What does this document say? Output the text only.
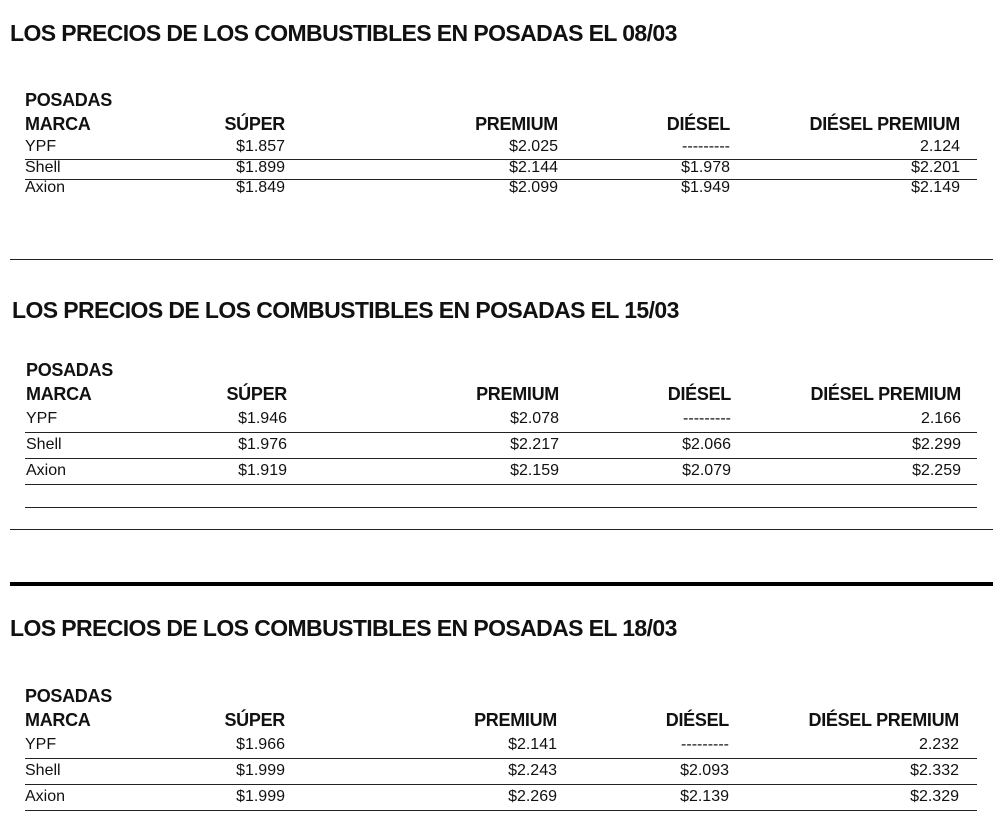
LOS PRECIOS DE LOS COMBUSTIBLES EN POSADAS EL 08/03
POSADAS
MARCA	SÚPER	PREMIUM	DIÉSEL	DIÉSEL PREMIUM
YPF	$1.857	$2.025	---------	2.124
Shell	$1.899	$2.144	$1.978	$2.201
Axion	$1.849	$2.099	$1.949	$2.149
LOS PRECIOS DE LOS COMBUSTIBLES EN POSADAS EL 15/03
POSADAS
MARCA	SÚPER	PREMIUM	DIÉSEL	DIÉSEL PREMIUM
YPF	$1.946	$2.078	---------	2.166
Shell	$1.976	$2.217	$2.066	$2.299
Axion	$1.919	$2.159	$2.079	$2.259
LOS PRECIOS DE LOS COMBUSTIBLES EN POSADAS EL 18/03
POSADAS
MARCA	SÚPER	PREMIUM	DIÉSEL	DIÉSEL PREMIUM
YPF	$1.966	$2.141	---------	2.232
Shell	$1.999	$2.243	$2.093	$2.332
Axion	$1.999	$2.269	$2.139	$2.329
